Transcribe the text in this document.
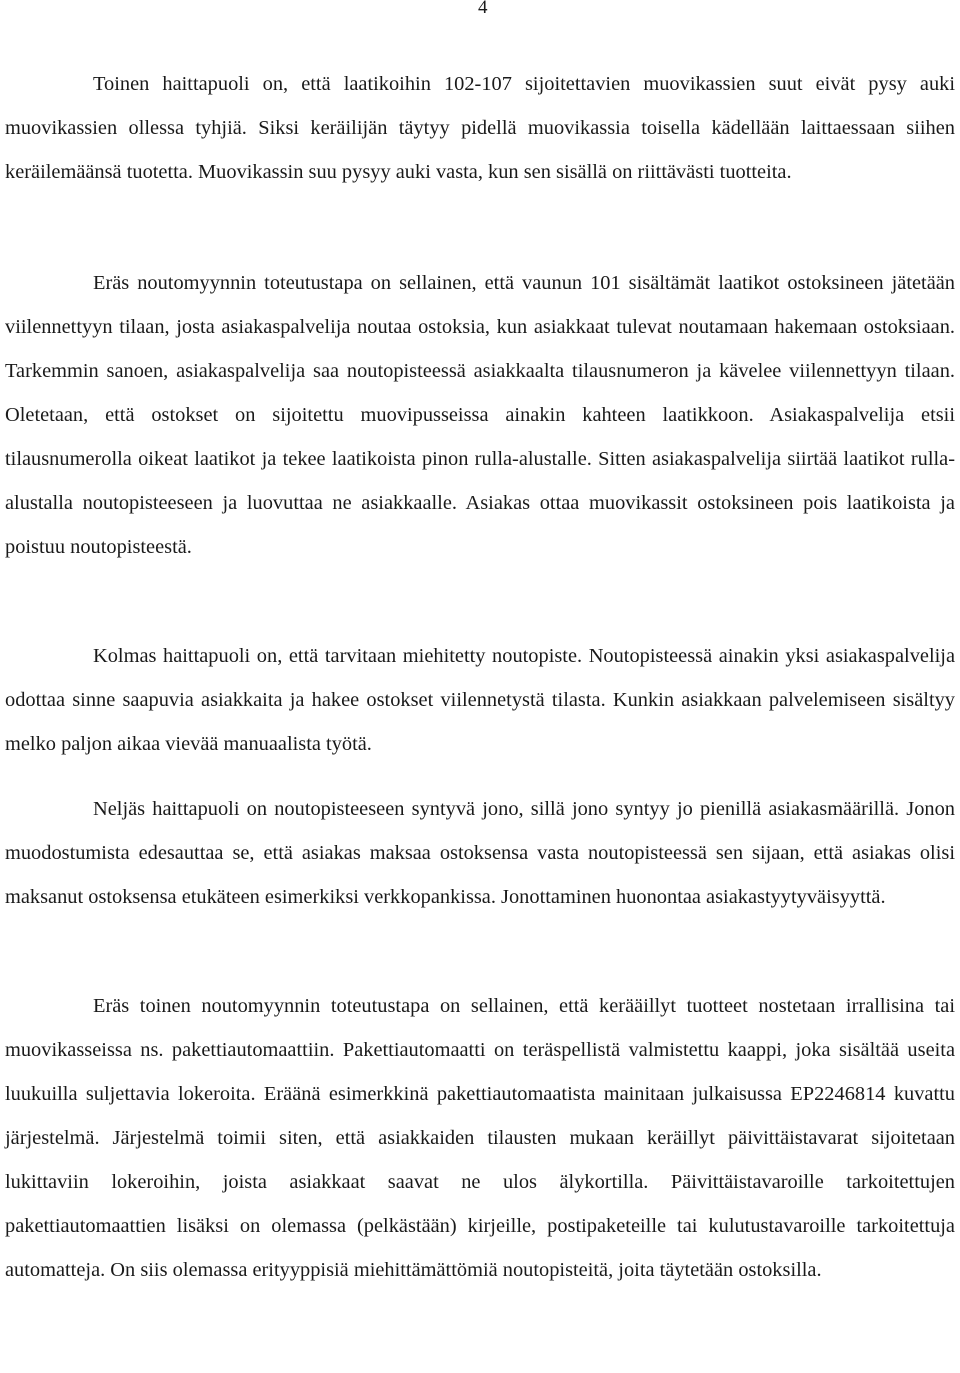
4

Toinen haittapuoli on, että laatikoihin 102-107 sijoitettavien muovikassien suut eivät pysy auki muovikassien ollessa tyhjiä. Siksi keräilijän täytyy pidellä muovikassia toisella kädellään laittaessaan siihen keräilemäänsä tuotetta. Muovikassin suu pysyy auki vasta, kun sen sisällä on riittävästi tuotteita.

Eräs noutomyynnin toteutustapa on sellainen, että vaunun 101 sisältämät laatikot ostoksineen jätetään viilennettyyn tilaan, josta asiakaspalvelija noutaa ostoksia, kun asiakkaat tulevat noutamaan hakemaan ostoksiaan. Tarkemmin sanoen, asiakaspalvelija saa noutopisteessä asiakkaalta tilausnumeron ja kävelee viilennettyyn tilaan. Oletetaan, että ostokset on sijoitettu muovipusseissa ainakin kahteen laatikkoon. Asiakaspalvelija etsii tilausnumerolla oikeat laatikot ja tekee laatikoista pinon rulla-alustalle. Sitten asiakaspalvelija siirtää laatikot rulla-alustalla noutopisteeseen ja luovuttaa ne asiakkaalle. Asiakas ottaa muovikassit ostoksineen pois laatikoista ja poistuu noutopisteestä.

Kolmas haittapuoli on, että tarvitaan miehitetty noutopiste. Noutopisteessä ainakin yksi asiakaspalvelija odottaa sinne saapuvia asiakkaita ja hakee ostokset viilennetystä tilasta. Kunkin asiakkaan palvelemiseen sisältyy melko paljon aikaa vievää manuaalista työtä.

Neljäs haittapuoli on noutopisteeseen syntyvä jono, sillä jono syntyy jo pienillä asiakasmäärillä. Jonon muodostumista edesauttaa se, että asiakas maksaa ostoksensa vasta noutopisteessä sen sijaan, että asiakas olisi maksanut ostoksensa etukäteen esimerkiksi verkkopankissa. Jonottaminen huonontaa asiakastyytyväisyyttä.

Eräs toinen noutomyynnin toteutustapa on sellainen, että kerääillyt tuotteet nostetaan irrallisina tai muovikasseissa ns. pakettiautomaattiin. Pakettiautomaatti on teräspellistä valmistettu kaappi, joka sisältää useita luukuilla suljettavia lokeroita. Eräänä esimerkkinä pakettiautomaatista mainitaan julkaisussa EP2246814 kuvattu järjestelmä. Järjestelmä toimii siten, että asiakkaiden tilausten mukaan keräillyt päivittäistavarat sijoitetaan lukittaviin lokeroihin, joista asiakkaat saavat ne ulos älykortilla. Päivittäistavaroille tarkoitettujen pakettiautomaattien lisäksi on olemassa (pelkästään) kirjeille, postipaketeille tai kulutustavaroille tarkoitettuja automatteja. On siis olemassa erityyppisiä miehittämättömiä noutopisteitä, joita täytetään ostoksilla.
